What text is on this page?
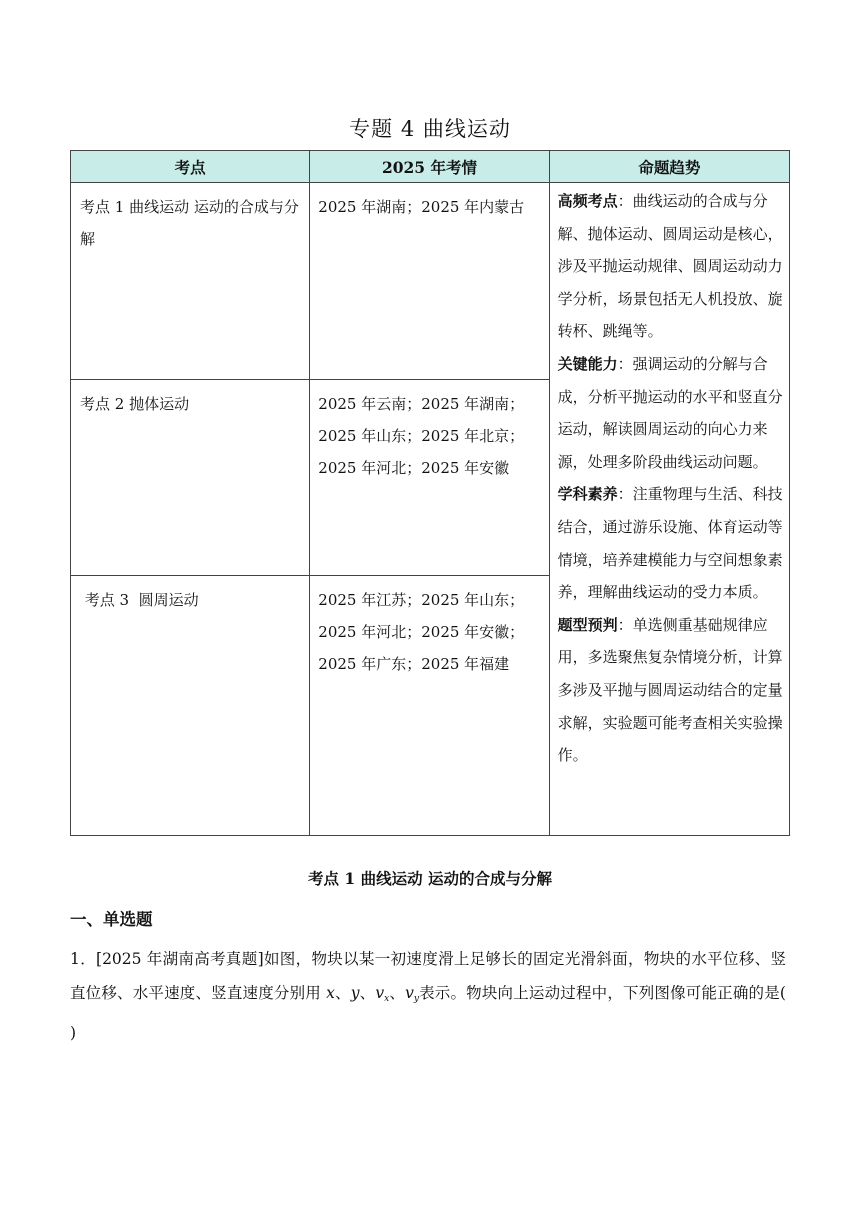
专题 4 曲线运动
考点	2025 年考情	命题趋势
考点 1 曲线运动 运动的合成与分解	2025 年湖南；2025 年内蒙古	高频考点：曲线运动的合成与分解、抛体运动、圆周运动是核心，涉及平抛运动规律、圆周运动动力学分析，场景包括无人机投放、旋转杯、跳绳等。
关键能力：强调运动的分解与合成，分析平抛运动的水平和竖直分运动，解读圆周运动的向心力来源，处理多阶段曲线运动问题。
学科素养：注重物理与生活、科技结合，通过游乐设施、体育运动等情境，培养建模能力与空间想象素养，理解曲线运动的受力本质。
题型预判：单选侧重基础规律应用，多选聚焦复杂情境分析，计算多涉及平抛与圆周运动结合的定量求解，实验题可能考查相关实验操作。
考点 2 抛体运动	2025 年云南；2025 年湖南；2025 年山东；2025 年北京；2025 年河北；2025 年安徽	
考点 3  圆周运动	2025 年江苏；2025 年山东；2025 年河北；2025 年安徽；2025 年广东；2025 年福建	
考点 1 曲线运动 运动的合成与分解
一、单选题
1．[2025 年湖南高考真题]如图，物块以某一初速度滑上足够长的固定光滑斜面，物块的水平位移、竖直位移、水平速度、竖直速度分别用 x、y、$v_x$、$v_y$表示。物块向上运动过程中，下列图像可能正确的是( )
